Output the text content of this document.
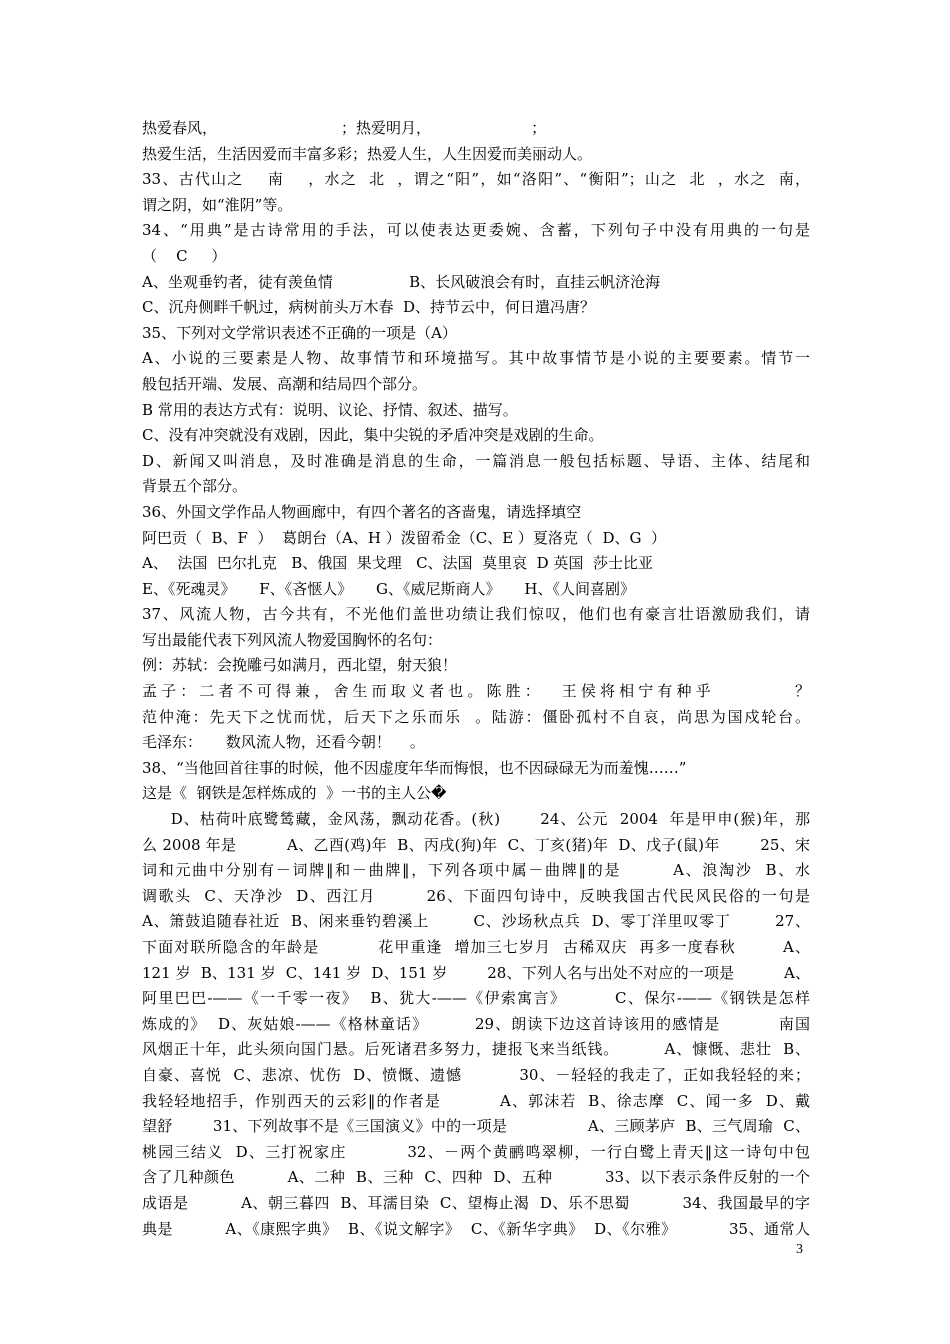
热爱春风，                          ；热爱明月，                     ；
热爱生活，生活因爱而丰富多彩；热爱人生，人生因爱而美丽动人。
33、古代山之    南    ，水之  北  ，谓之“阳”，如“洛阳”、“衡阳”；山之  北  ，水之  南，
谓之阴，如“淮阴”等。
34、“用典”是古诗常用的手法，可以使表达更委婉、含蓄，下列句子中没有用典的一句是
（    C     ）
A、坐观垂钓者，徒有羡鱼情                B、长风破浪会有时，直挂云帆济沧海
C、沉舟侧畔千帆过，病树前头万木春  D、持节云中，何日遣冯唐？
35、下列对文学常识表述不正确的一项是（A）
A、小说的三要素是人物、故事情节和环境描写。其中故事情节是小说的主要要素。情节一
般包括开端、发展、高潮和结局四个部分。
B 常用的表达方式有：说明、议论、抒情、叙述、描写。
C、没有冲突就没有戏剧，因此，集中尖锐的矛盾冲突是戏剧的生命。
D、新闻又叫消息，及时准确是消息的生命，一篇消息一般包括标题、导语、主体、结尾和
背景五个部分。
36、外国文学作品人物画廊中，有四个著名的吝啬鬼，请选择填空
阿巴贡（  B、F  ）  葛朗台（A、H ）泼留希金（C、E ）夏洛克（  D、G  ）
A、  法国  巴尔扎克   B、俄国  果戈理   C、法国  莫里哀  D 英国  莎士比亚
E、《死魂灵》     F、《吝惬人》     G、《威尼斯商人》     H、《人间喜剧》
37、风流人物，古今共有，不光他们盖世功绩让我们惊叹，他们也有豪言壮语激励我们，请
写出最能代表下列风流人物爱国胸怀的名句：
例：苏轼：会挽雕弓如满月，西北望，射天狼！
孟子：二者不可得兼，舍生而取义者也。陈胜：  王侯将相宁有种乎         ？
范仲淹：先天下之忧而忧，后天下之乐而乐  。陆游：僵卧孤村不自哀，尚思为国戍轮台。
毛泽东：     数风流人物，还看今朝！    。
38、“当他回首往事的时候，他不因虚度年华而悔恨，也不因碌碌无为而羞愧……”
这是《  钢铁是怎样炼成的  》一书的主人公�
D、枯荷叶底鹭鸶藏，金风荡，飘动花香。(秋)       24、公元  2004  年是甲申(猴)年，那
么 2008 年是          A、乙酉(鸡)年  B、丙戌(狗)年  C、丁亥(猪)年  D、戊子(鼠)年        25、宋
词和元曲中分别有－词牌‖和－曲牌‖，下列各项中属－曲牌‖的是        A、浪淘沙  B、水
调歌头  C、天净沙  D、西江月        26、下面四句诗中，反映我国古代民风民俗的一句是
A、箫鼓追随春社近  B、闲来垂钓碧溪上        C、沙场秋点兵  D、零丁洋里叹零丁        27、
下面对联所隐含的年龄是          花甲重逢  增加三七岁月  古稀双庆  再多一度春秋        A、
121 岁  B、131 岁  C、141 岁  D、151 岁        28、下列人名与出处不对应的一项是          A、
阿里巴巴-——《一千零一夜》  B、犹大-——《伊索寓言》        C、保尔-——《钢铁是怎样
炼成的》  D、灰姑娘-——《格林童话》        29、朗读下边这首诗该用的感情是          南国
风烟正十年，此头须向国门悬。后死诸君多努力，捷报飞来当纸钱。        A、慷慨、悲壮  B、
自豪、喜悦  C、悲凉、忧伤  D、愤慨、遗憾          30、－轻轻的我走了，正如我轻轻的来；
我轻轻地招手，作别西天的云彩‖的作者是          A、郭沫若  B、徐志摩  C、闻一多  D、戴
望舒        31、下列故事不是《三国演义》中的一项是                A、三顾茅庐  B、三气周瑜  C、
桃园三结义  D、三打祝家庄          32、－两个黄鹂鸣翠柳，一行白鹭上青天‖这一诗句中包
含了几种颜色          A、二种  B、三种  C、四种  D、五种          33、以下表示条件反射的一个
成语是          A、朝三暮四  B、耳濡目染  C、望梅止渴  D、乐不思蜀          34、我国最早的字
典是          A、《康熙字典》  B、《说文解字》  C、《新华字典》  D、《尔雅》          35、通常人
3
